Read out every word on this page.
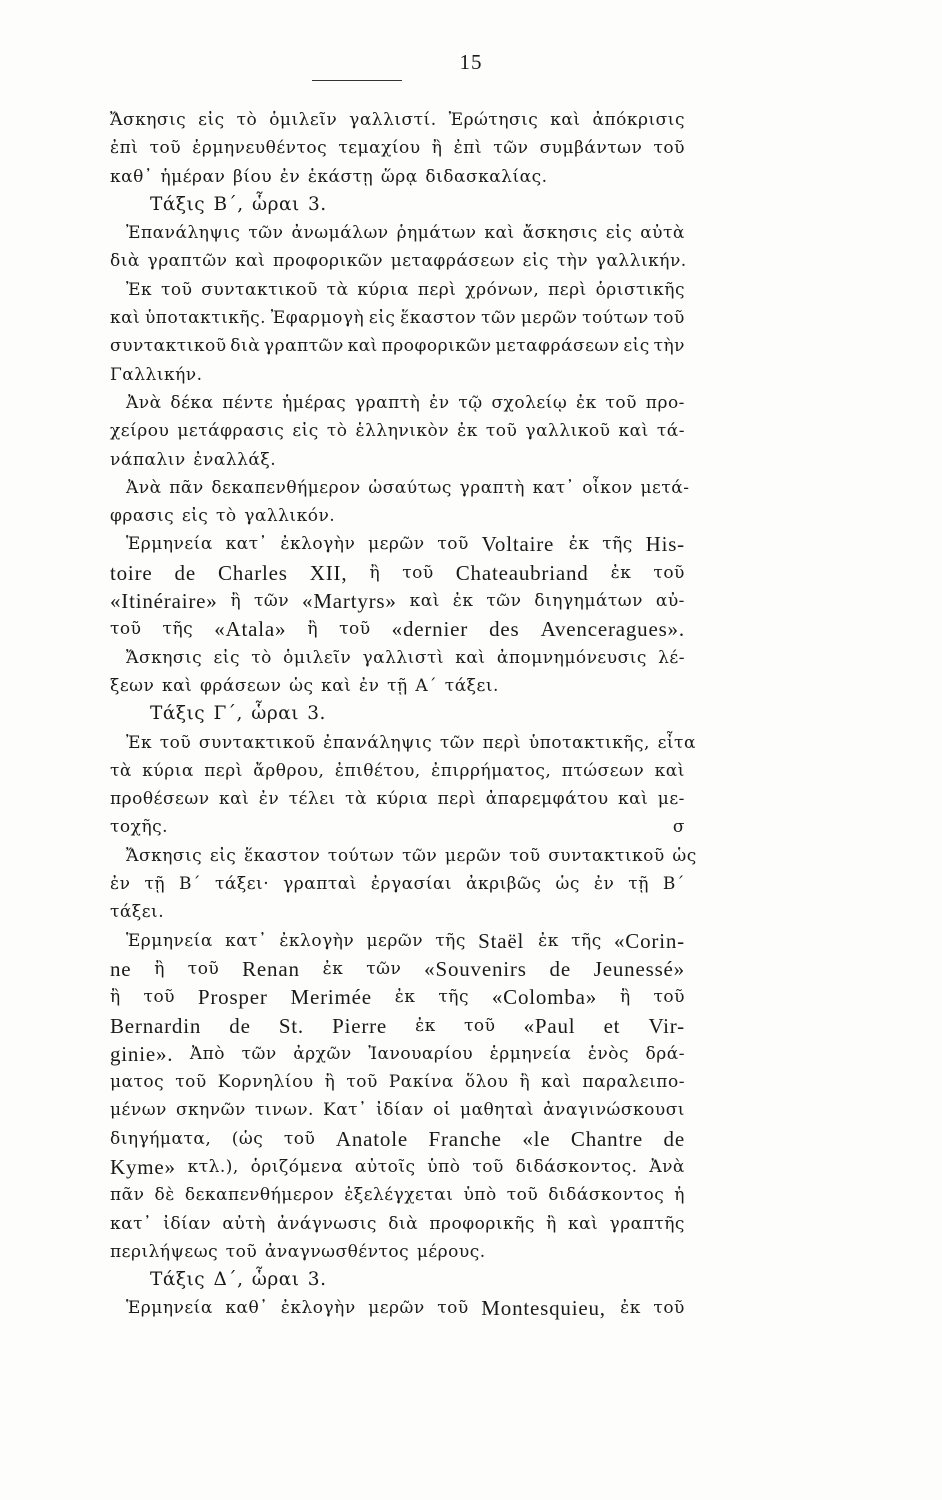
15
Ἄσκησις εἰς τὸ ὁμιλεῖν γαλλιστί. Ἐρώτησις καὶ ἀπόκρισις
ἐπὶ τοῦ ἑρμηνευθέντος τεμαχίου ἢ ἐπὶ τῶν συμβάντων τοῦ
καθ᾽ ἡμέραν βίου ἐν ἑκάστῃ ὥρᾳ διδασκαλίας.
Τάξις Β΄, ὧραι 3.
Ἐπανάληψις τῶν ἀνωμάλων ῥημάτων καὶ ἄσκησις εἰς αὐτὰ
διὰ γραπτῶν καὶ προφορικῶν μεταφράσεων εἰς τὴν γαλλικήν.
Ἐκ τοῦ συντακτικοῦ τὰ κύρια περὶ χρόνων, περὶ ὁριστικῆς
καὶ ὑποτακτικῆς. Ἐφαρμογὴ εἰς ἕκαστον τῶν μερῶν τούτων τοῦ
συντακτικοῦ διὰ γραπτῶν καὶ προφορικῶν μεταφράσεων εἰς τὴν
Γαλλικήν.
Ἀνὰ δέκα πέντε ἡμέρας γραπτὴ ἐν τῷ σχολείῳ ἐκ τοῦ προ-
χείρου μετάφρασις εἰς τὸ ἑλληνικὸν ἐκ τοῦ γαλλικοῦ καὶ τά-
νάπαλιν ἐναλλάξ.
Ἀνὰ πᾶν δεκαπενθήμερον ὡσαύτως γραπτὴ κατ᾽ οἶκον μετά-
φρασις εἰς τὸ γαλλικόν.
Ἑρμηνεία κατ᾽ ἐκλογὴν μερῶν τοῦ Voltaire ἐκ τῆς His-
toire de Charles XII, ἢ τοῦ Chateaubriand ἐκ τοῦ
«Itinéraire» ἢ τῶν «Martyrs» καὶ ἐκ τῶν διηγημάτων αὐ-
τοῦ τῆς «Atala» ἢ τοῦ «dernier des Avenceragues».
Ἄσκησις εἰς τὸ ὁμιλεῖν γαλλιστὶ καὶ ἀπομνημόνευσις λέ-
ξεων καὶ φράσεων ὡς καὶ ἐν τῇ Α΄ τάξει.
Τάξις Γ΄, ὧραι 3.
Ἐκ τοῦ συντακτικοῦ ἐπανάληψις τῶν περὶ ὑποτακτικῆς, εἶτα
τὰ κύρια περὶ ἄρθρου, ἐπιθέτου, ἐπιρρήματος, πτώσεων καὶ
προθέσεων καὶ ἐν τέλει τὰ κύρια περὶ ἀπαρεμφάτου καὶ με-
τοχῆς.	σ
Ἄσκησις εἰς ἕκαστον τούτων τῶν μερῶν τοῦ συντακτικοῦ ὡς
ἐν τῇ Β΄ τάξει· γραπταὶ ἐργασίαι ἀκριβῶς ὡς ἐν τῇ Β΄
τάξει.
Ἑρμηνεία κατ᾽ ἐκλογὴν μερῶν τῆς Staël ἐκ τῆς «Corin-
ne ἢ τοῦ Renan ἐκ τῶν «Souvenirs de Jeunessé»
ἢ τοῦ Prosper Merimée ἐκ τῆς «Colomba» ἢ τοῦ
Bernardin de St. Pierre ἐκ τοῦ «Paul et Vir-
ginie». Ἀπὸ τῶν ἀρχῶν Ἰανουαρίου ἑρμηνεία ἑνὸς δρά-
ματος τοῦ Κορνηλίου ἢ τοῦ Ρακίνα ὅλου ἢ καὶ παραλειπο-
μένων σκηνῶν τινων. Κατ᾽ ἰδίαν οἱ μαθηταὶ ἀναγινώσκουσι
διηγήματα, (ὡς τοῦ Anatole Franche «le Chantre de
Kyme» κτλ.), ὁριζόμενα αὐτοῖς ὑπὸ τοῦ διδάσκοντος. Ἀνὰ
πᾶν δὲ δεκαπενθήμερον ἐξελέγχεται ὑπὸ τοῦ διδάσκοντος ἡ
κατ᾽ ἰδίαν αὐτὴ ἀνάγνωσις διὰ προφορικῆς ἢ καὶ γραπτῆς
περιλήψεως τοῦ ἀναγνωσθέντος μέρους.
Τάξις Δ΄, ὧραι 3.
Ἑρμηνεία καθ᾽ ἐκλογὴν μερῶν τοῦ Montesquieu, ἐκ τοῦ
